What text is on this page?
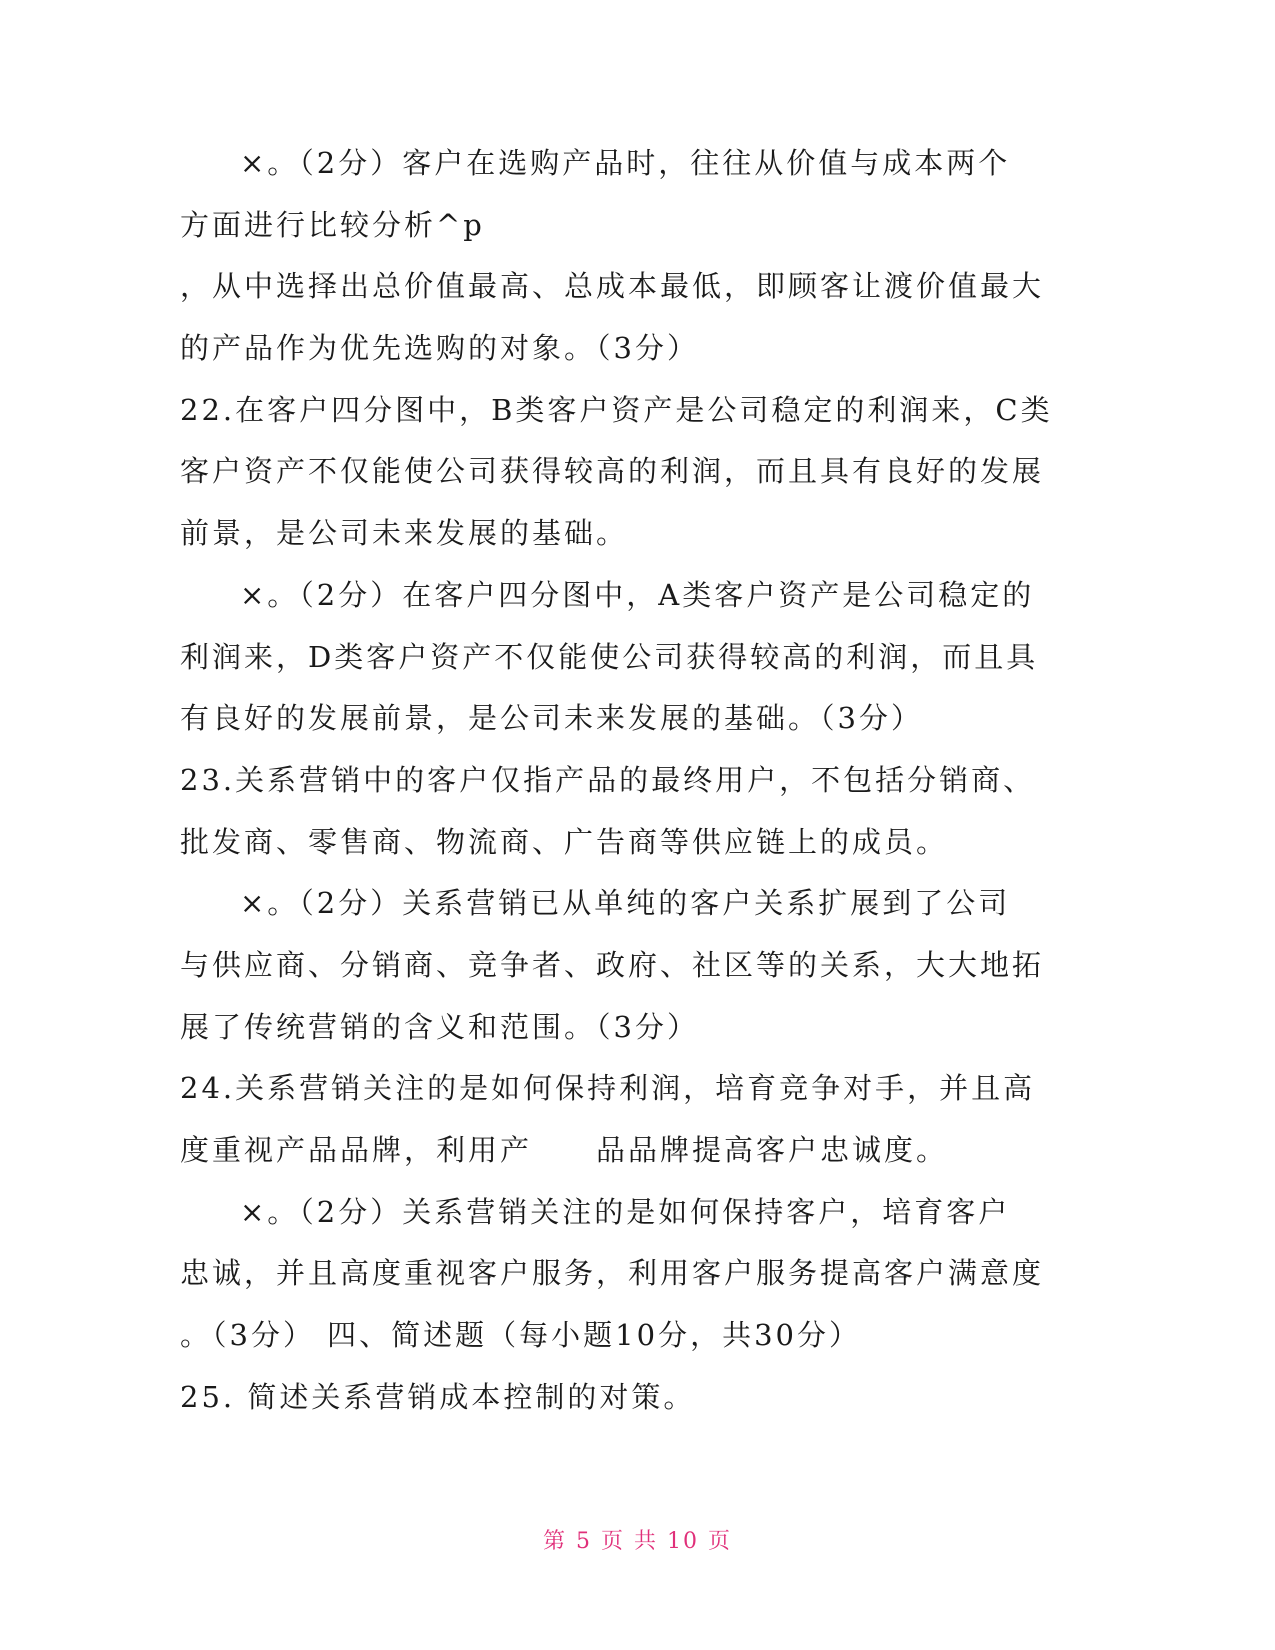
×。（2分）客户在选购产品时，往往从价值与成本两个
方面进行比较分析^p
，从中选择出总价值最高、总成本最低，即顾客让渡价值最大
的产品作为优先选购的对象。（3分）
22.在客户四分图中，B类客户资产是公司稳定的利润来，C类
客户资产不仅能使公司获得较高的利润，而且具有良好的发展
前景，是公司未来发展的基础。
×。（2分）在客户四分图中，A类客户资产是公司稳定的
利润来，D类客户资产不仅能使公司获得较高的利润，而且具
有良好的发展前景，是公司未来发展的基础。（3分）
23.关系营销中的客户仅指产品的最终用户，不包括分销商、
批发商、零售商、物流商、广告商等供应链上的成员。
×。（2分）关系营销已从单纯的客户关系扩展到了公司
与供应商、分销商、竞争者、政府、社区等的关系，大大地拓
展了传统营销的含义和范围。（3分）
24.关系营销关注的是如何保持利润，培育竞争对手，并且高
度重视产品品牌，利用产　　品品牌提高客户忠诚度。
×。（2分）关系营销关注的是如何保持客户，培育客户
忠诚，并且高度重视客户服务，利用客户服务提高客户满意度
。（3分） 四、简述题（每小题10分，共30分）
25. 简述关系营销成本控制的对策。
第 5 页 共 10 页
